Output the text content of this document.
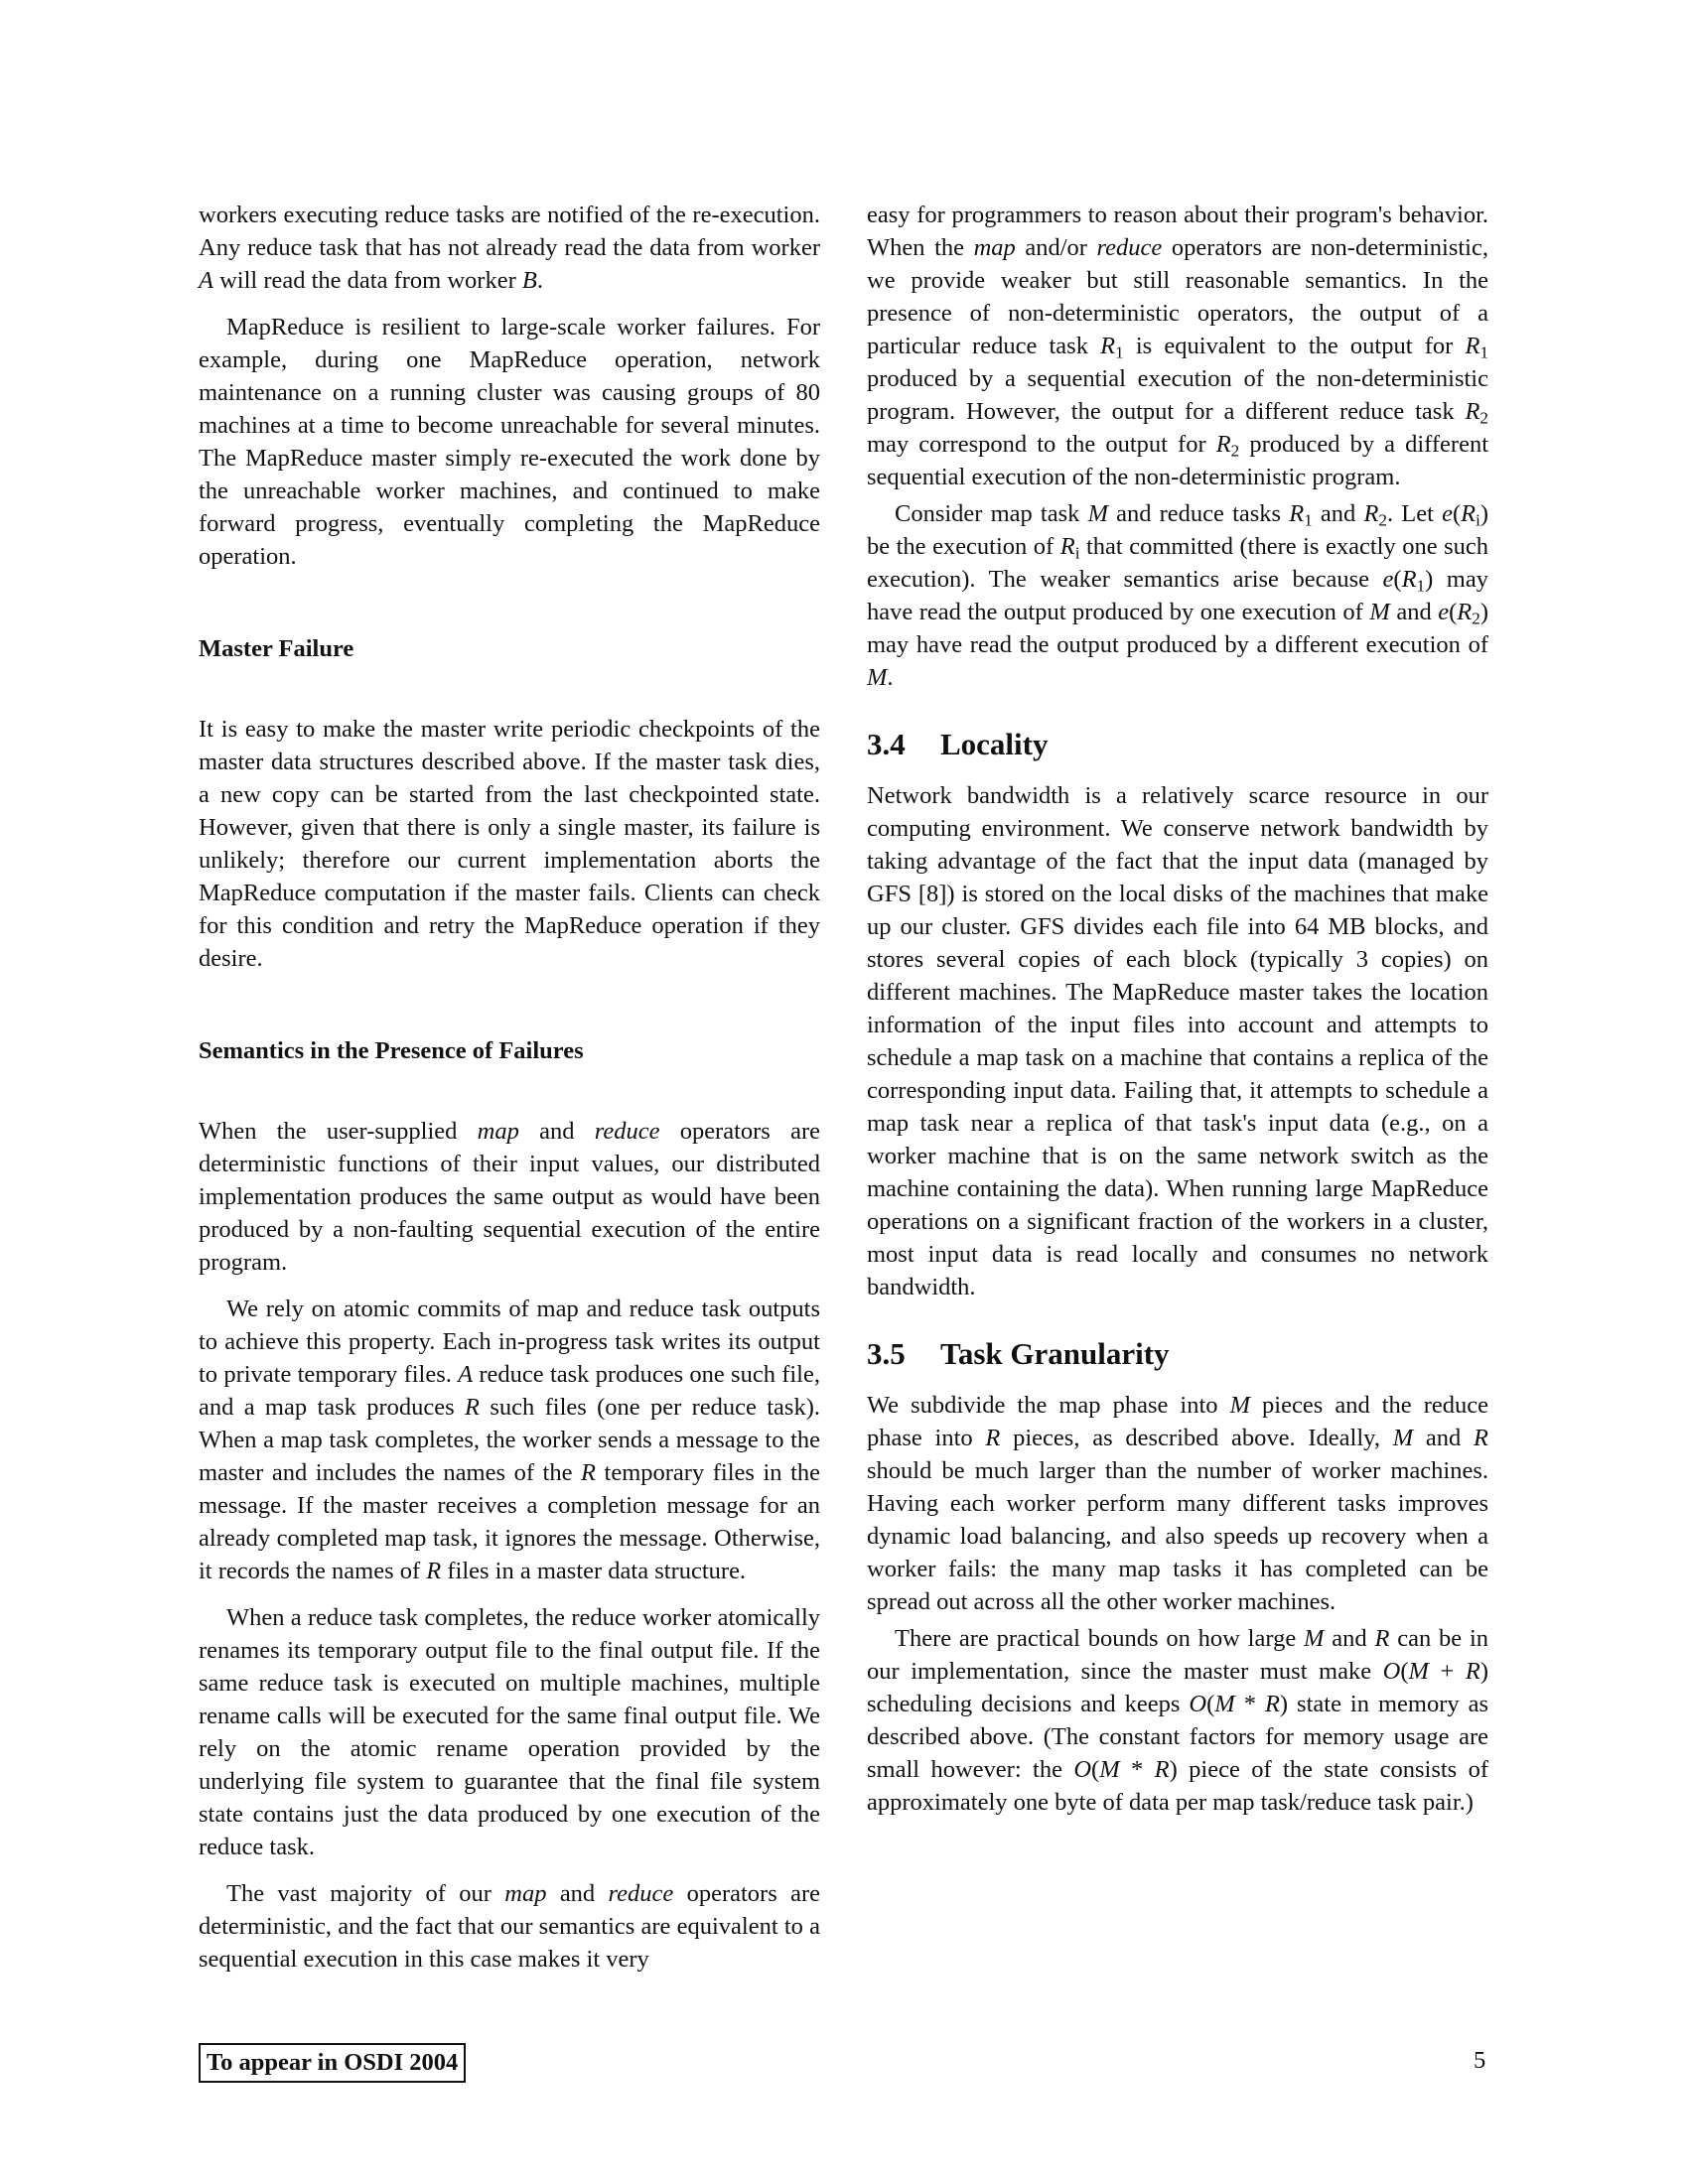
workers executing reduce tasks are notified of the re-execution. Any reduce task that has not already read the data from worker A will read the data from worker B.

MapReduce is resilient to large-scale worker failures. For example, during one MapReduce operation, network maintenance on a running cluster was causing groups of 80 machines at a time to become unreachable for several minutes. The MapReduce master simply re-executed the work done by the unreachable worker machines, and continued to make forward progress, eventually completing the MapReduce operation.

Master Failure

It is easy to make the master write periodic checkpoints of the master data structures described above. If the master task dies, a new copy can be started from the last checkpointed state. However, given that there is only a single master, its failure is unlikely; therefore our current implementation aborts the MapReduce computation if the master fails. Clients can check for this condition and retry the MapReduce operation if they desire.

Semantics in the Presence of Failures

When the user-supplied map and reduce operators are deterministic functions of their input values, our distributed implementation produces the same output as would have been produced by a non-faulting sequential execution of the entire program.

We rely on atomic commits of map and reduce task outputs to achieve this property. Each in-progress task writes its output to private temporary files. A reduce task produces one such file, and a map task produces R such files (one per reduce task). When a map task completes, the worker sends a message to the master and includes the names of the R temporary files in the message. If the master receives a completion message for an already completed map task, it ignores the message. Otherwise, it records the names of R files in a master data structure.

When a reduce task completes, the reduce worker atomically renames its temporary output file to the final output file. If the same reduce task is executed on multiple machines, multiple rename calls will be executed for the same final output file. We rely on the atomic rename operation provided by the underlying file system to guarantee that the final file system state contains just the data produced by one execution of the reduce task.

The vast majority of our map and reduce operators are deterministic, and the fact that our semantics are equivalent to a sequential execution in this case makes it very

easy for programmers to reason about their program's behavior. When the map and/or reduce operators are non-deterministic, we provide weaker but still reasonable semantics. In the presence of non-deterministic operators, the output of a particular reduce task $R_1$ is equivalent to the output for $R_1$ produced by a sequential execution of the non-deterministic program. However, the output for a different reduce task $R_2$ may correspond to the output for $R_2$ produced by a different sequential execution of the non-deterministic program.

Consider map task M and reduce tasks $R_1$ and $R_2$. Let $e(R_i)$ be the execution of $R_i$ that committed (there is exactly one such execution). The weaker semantics arise because $e(R_1)$ may have read the output produced by one execution of M and $e(R_2)$ may have read the output produced by a different execution of M.

3.4 Locality

Network bandwidth is a relatively scarce resource in our computing environment. We conserve network bandwidth by taking advantage of the fact that the input data (managed by GFS [8]) is stored on the local disks of the machines that make up our cluster. GFS divides each file into 64 MB blocks, and stores several copies of each block (typically 3 copies) on different machines. The MapReduce master takes the location information of the input files into account and attempts to schedule a map task on a machine that contains a replica of the corresponding input data. Failing that, it attempts to schedule a map task near a replica of that task's input data (e.g., on a worker machine that is on the same network switch as the machine containing the data). When running large MapReduce operations on a significant fraction of the workers in a cluster, most input data is read locally and consumes no network bandwidth.

3.5 Task Granularity

We subdivide the map phase into M pieces and the reduce phase into R pieces, as described above. Ideally, M and R should be much larger than the number of worker machines. Having each worker perform many different tasks improves dynamic load balancing, and also speeds up recovery when a worker fails: the many map tasks it has completed can be spread out across all the other worker machines.

There are practical bounds on how large M and R can be in our implementation, since the master must make O(M + R) scheduling decisions and keeps O(M * R) state in memory as described above. (The constant factors for memory usage are small however: the O(M * R) piece of the state consists of approximately one byte of data per map task/reduce task pair.)

To appear in OSDI 2004	5
